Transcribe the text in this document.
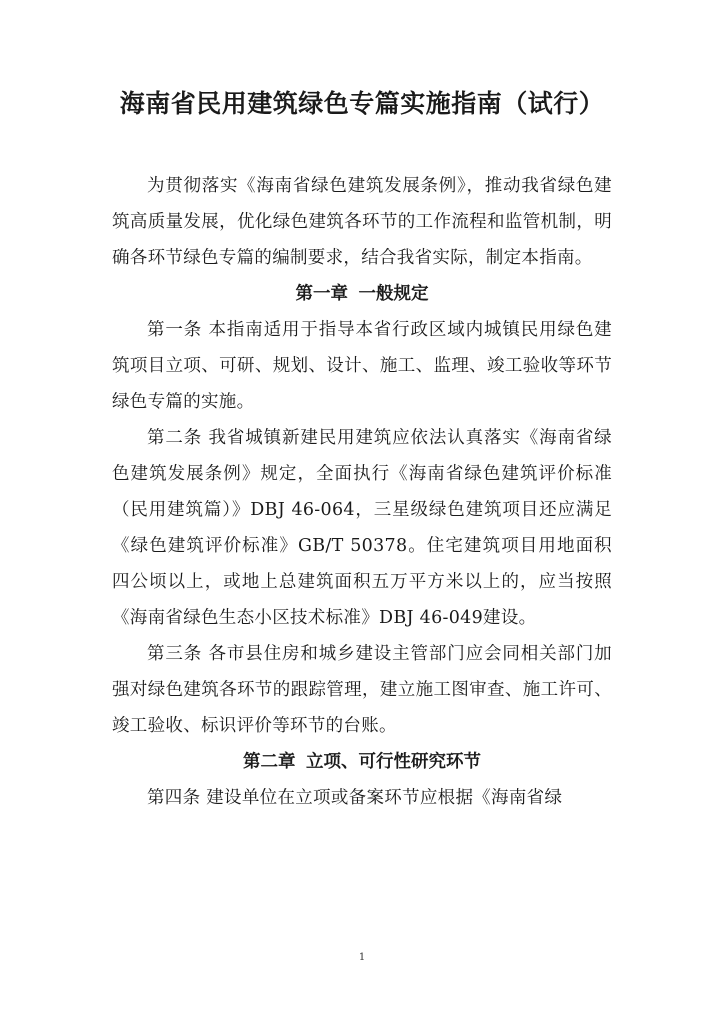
海南省民用建筑绿色专篇实施指南（试行）

为贯彻落实《海南省绿色建筑发展条例》，推动我省绿色建筑高质量发展，优化绿色建筑各环节的工作流程和监管机制，明确各环节绿色专篇的编制要求，结合我省实际，制定本指南。

第一章 一般规定

第一条 本指南适用于指导本省行政区域内城镇民用绿色建筑项目立项、可研、规划、设计、施工、监理、竣工验收等环节绿色专篇的实施。

第二条 我省城镇新建民用建筑应依法认真落实《海南省绿色建筑发展条例》规定，全面执行《海南省绿色建筑评价标准（民用建筑篇）》DBJ 46-064，三星级绿色建筑项目还应满足《绿色建筑评价标准》GB/T 50378。住宅建筑项目用地面积四公顷以上，或地上总建筑面积五万平方米以上的，应当按照《海南省绿色生态小区技术标准》DBJ 46-049建设。

第三条 各市县住房和城乡建设主管部门应会同相关部门加强对绿色建筑各环节的跟踪管理，建立施工图审查、施工许可、竣工验收、标识评价等环节的台账。

第二章 立项、可行性研究环节

第四条 建设单位在立项或备案环节应根据《海南省绿

1
